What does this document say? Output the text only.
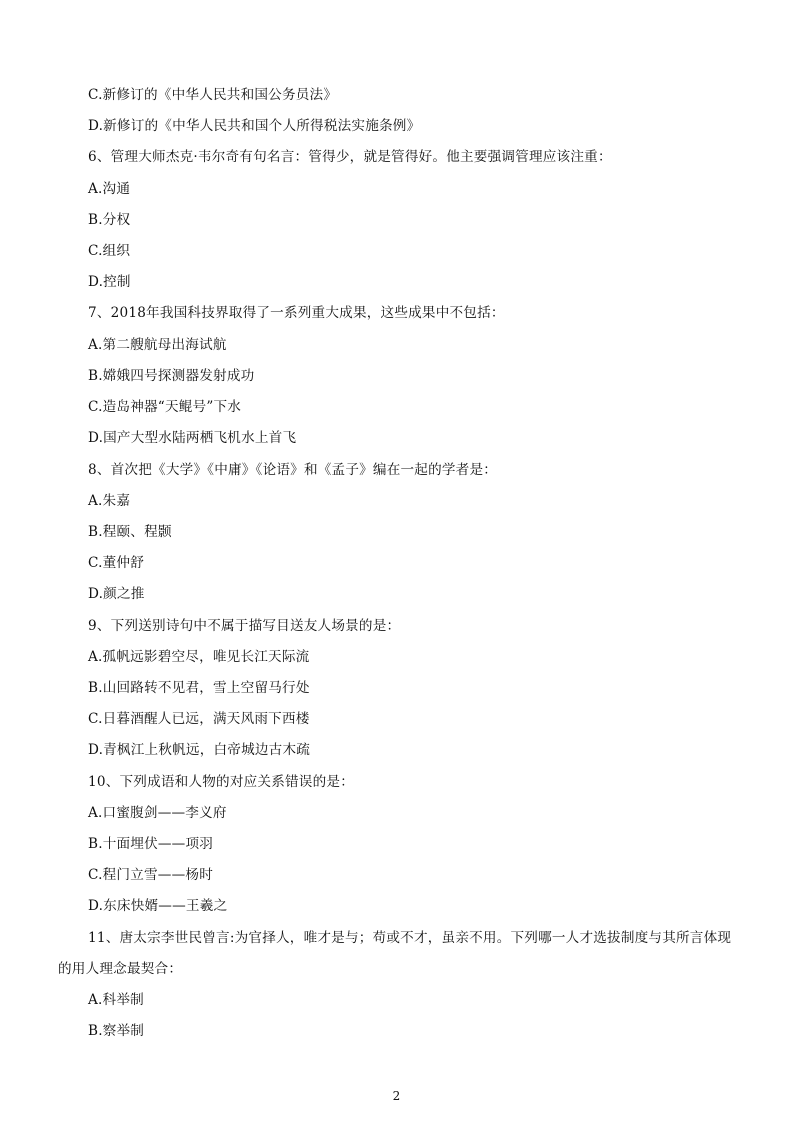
C.新修订的《中华人民共和国公务员法》
D.新修订的《中华人民共和国个人所得税法实施条例》
6、管理大师杰克·韦尔奇有句名言：管得少，就是管得好。他主要强调管理应该注重：
A.沟通
B.分权
C.组织
D.控制
7、2018年我国科技界取得了一系列重大成果，这些成果中不包括：
A.第二艘航母出海试航
B.嫦娥四号探测器发射成功
C.造岛神器“天鲲号”下水
D.国产大型水陆两栖飞机水上首飞
8、首次把《大学》《中庸》《论语》和《孟子》编在一起的学者是：
A.朱嘉
B.程颐、程颢
C.董仲舒
D.颜之推
9、下列送别诗句中不属于描写目送友人场景的是：
A.孤帆远影碧空尽，唯见长江天际流
B.山回路转不见君，雪上空留马行处
C.日暮酒醒人已远，满天风雨下西楼
D.青枫江上秋帆远，白帝城边古木疏
10、下列成语和人物的对应关系错误的是：
A.口蜜腹剑——李义府
B.十面埋伏——项羽
C.程门立雪——杨时
D.东床快婿——王羲之
11、唐太宗李世民曾言:为官择人，唯才是与；苟或不才，虽亲不用。下列哪一人才选拔制度与其所言体现
的用人理念最契合：
A.科举制
B.察举制
2
